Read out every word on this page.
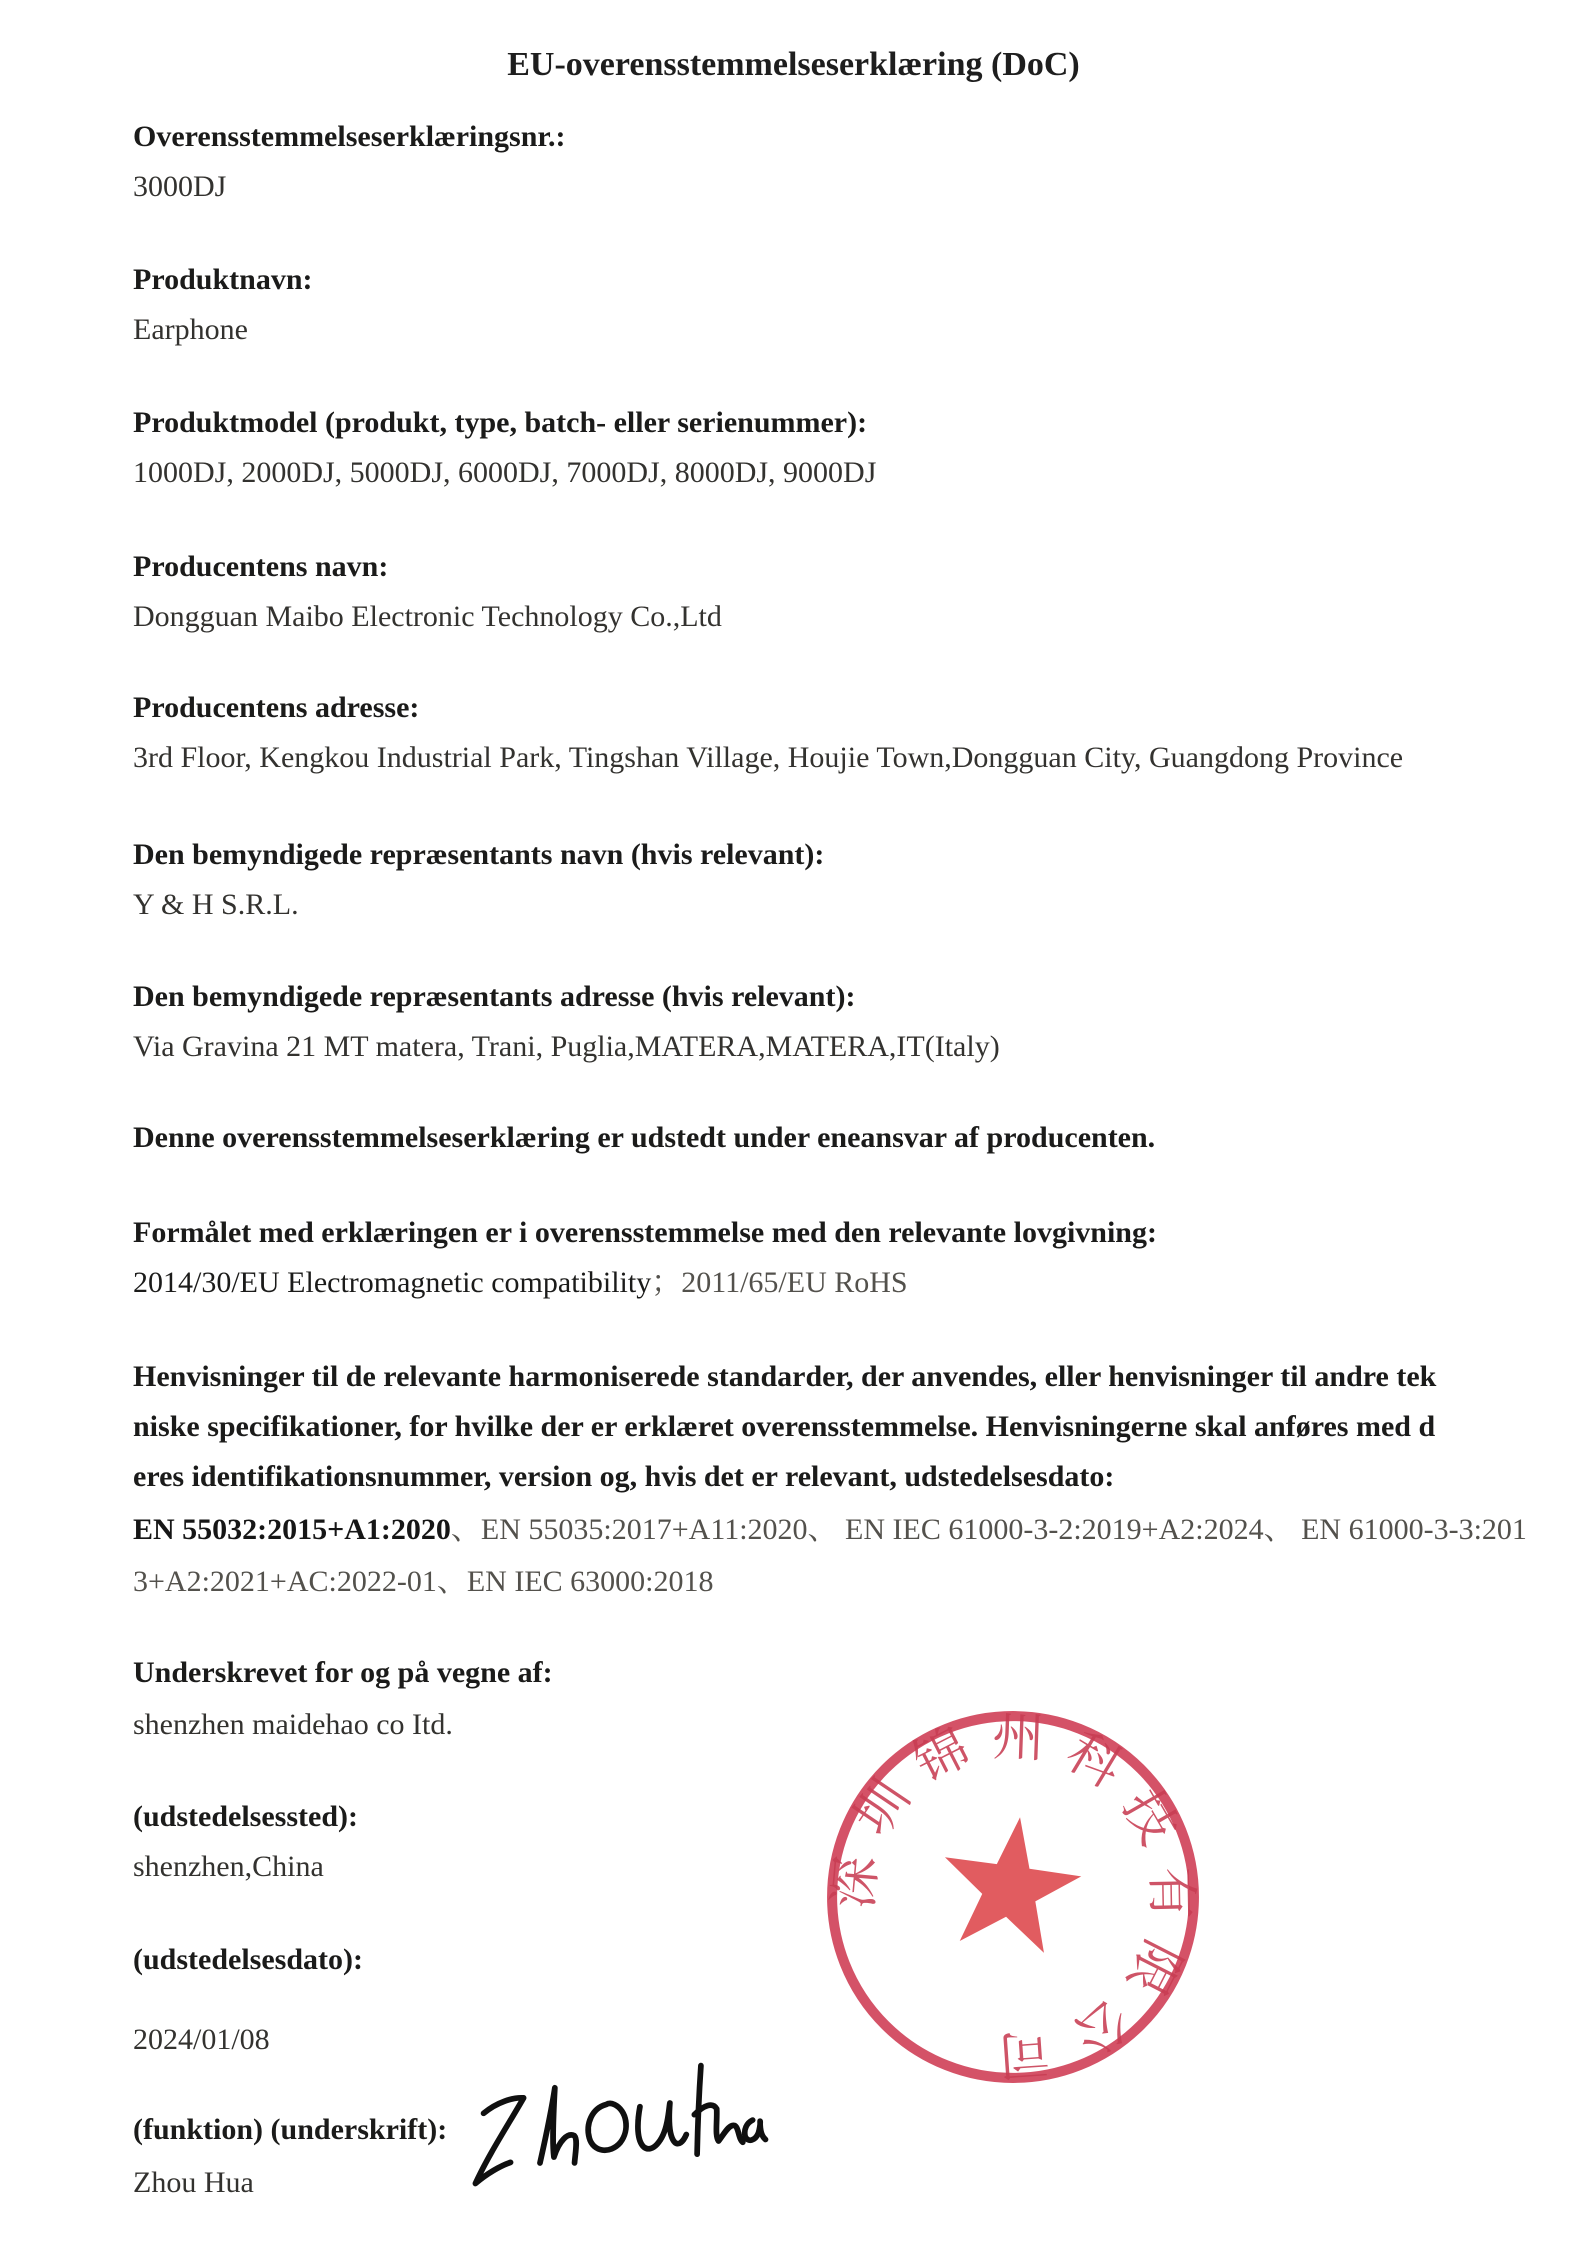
EU-overensstemmelseserklæring (DoC)
Overensstemmelseserklæringsnr.:
3000DJ
Produktnavn:
Earphone
Produktmodel (produkt, type, batch- eller serienummer):
1000DJ, 2000DJ, 5000DJ, 6000DJ, 7000DJ, 8000DJ, 9000DJ
Producentens navn:
Dongguan Maibo Electronic Technology Co.,Ltd
Producentens adresse:
3rd Floor, Kengkou Industrial Park, Tingshan Village, Houjie Town,Dongguan City, Guangdong Province
Den bemyndigede repræsentants navn (hvis relevant):
Y & H S.R.L.
Den bemyndigede repræsentants adresse (hvis relevant):
Via Gravina 21 MT matera, Trani, Puglia,MATERA,MATERA,IT(Italy)
Denne overensstemmelseserklæring er udstedt under eneansvar af producenten.
Formålet med erklæringen er i overensstemmelse med den relevante lovgivning:
2014/30/EU Electromagnetic compatibility；2011/65/EU RoHS
Henvisninger til de relevante harmoniserede standarder, der anvendes, eller henvisninger til andre tek
niske specifikationer, for hvilke der er erklæret overensstemmelse. Henvisningerne skal anføres med d
eres identifikationsnummer, version og, hvis det er relevant, udstedelsesdato:
EN 55032:2015+A1:2020、EN 55035:2017+A11:2020、 EN IEC 61000-3-2:2019+A2:2024、 EN 61000-3-3:201
3+A2:2021+AC:2022-01、EN IEC 63000:2018
Underskrevet for og på vegne af:
shenzhen maidehao co Itd.
(udstedelsessted):
shenzhen,China
(udstedelsesdato):
2024/01/08
(funktion) (underskrift):
Zhou Hua
深
圳
锦 州 科
技
有
限
公
司
